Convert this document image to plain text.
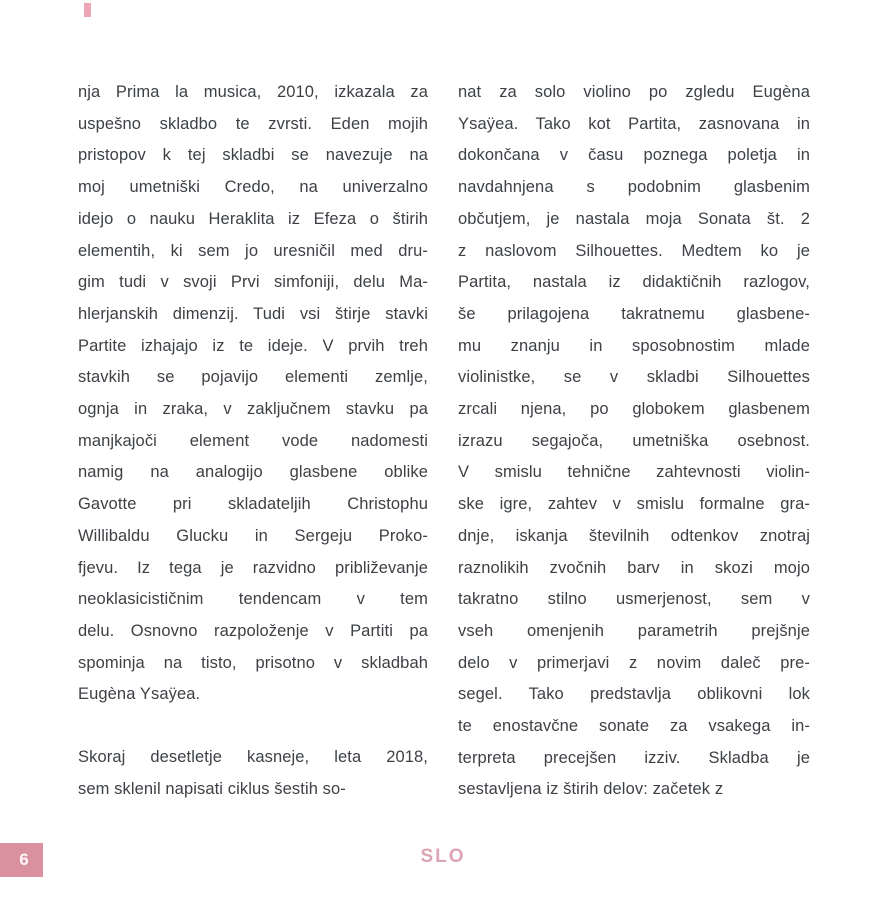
nja Prima la musica, 2010, izkazala za
uspešno skladbo te zvrsti. Eden mojih
pristopov k tej skladbi se navezuje na
moj umetniški Credo, na univerzalno
idejo o nauku Heraklita iz Efeza o štirih
elementih, ki sem jo uresničil med dru-
gim tudi v svoji Prvi simfoniji, delu Ma-
hlerjanskih dimenzij. Tudi vsi štirje stavki
Partite izhajajo iz te ideje. V prvih treh
stavkih se pojavijo elementi zemlje,
ognja in zraka, v zaključnem stavku pa
manjkajoči element vode nadomesti
namig na analogijo glasbene oblike
Gavotte pri skladateljih Christophu
Willibaldu Glucku in Sergeju Proko-
fjevu. Iz tega je razvidno približevanje
neoklasicističnim tendencam v tem
delu. Osnovno razpoloženje v Partiti pa
spominja na tisto, prisotno v skladbah
Eugèna Ysaÿea.
Skoraj desetletje kasneje, leta 2018,
sem sklenil napisati ciklus šestih so-
nat za solo violino po zgledu Eugèna
Ysaÿea. Tako kot Partita, zasnovana in
dokončana v času poznega poletja in
navdahnjena s podobnim glasbenim
občutjem, je nastala moja Sonata št. 2
z naslovom Silhouettes. Medtem ko je
Partita, nastala iz didaktičnih razlogov,
še prilagojena takratnemu glasbene-
mu znanju in sposobnostim mlade
violinistke, se v skladbi Silhouettes
zrcali njena, po globokem glasbenem
izrazu segajoča, umetniška osebnost.
V smislu tehnične zahtevnosti violin-
ske igre, zahtev v smislu formalne gra-
dnje, iskanja številnih odtenkov znotraj
raznolikih zvočnih barv in skozi mojo
takratno stilno usmerjenost, sem v
vseh omenjenih parametrih prejšnje
delo v primerjavi z novim daleč pre-
segel. Tako predstavlja oblikovni lok
te enostavčne sonate za vsakega in-
terpreta precejšen izziv. Skladba je
sestavljena iz štirih delov: začetek z
6	SLO
